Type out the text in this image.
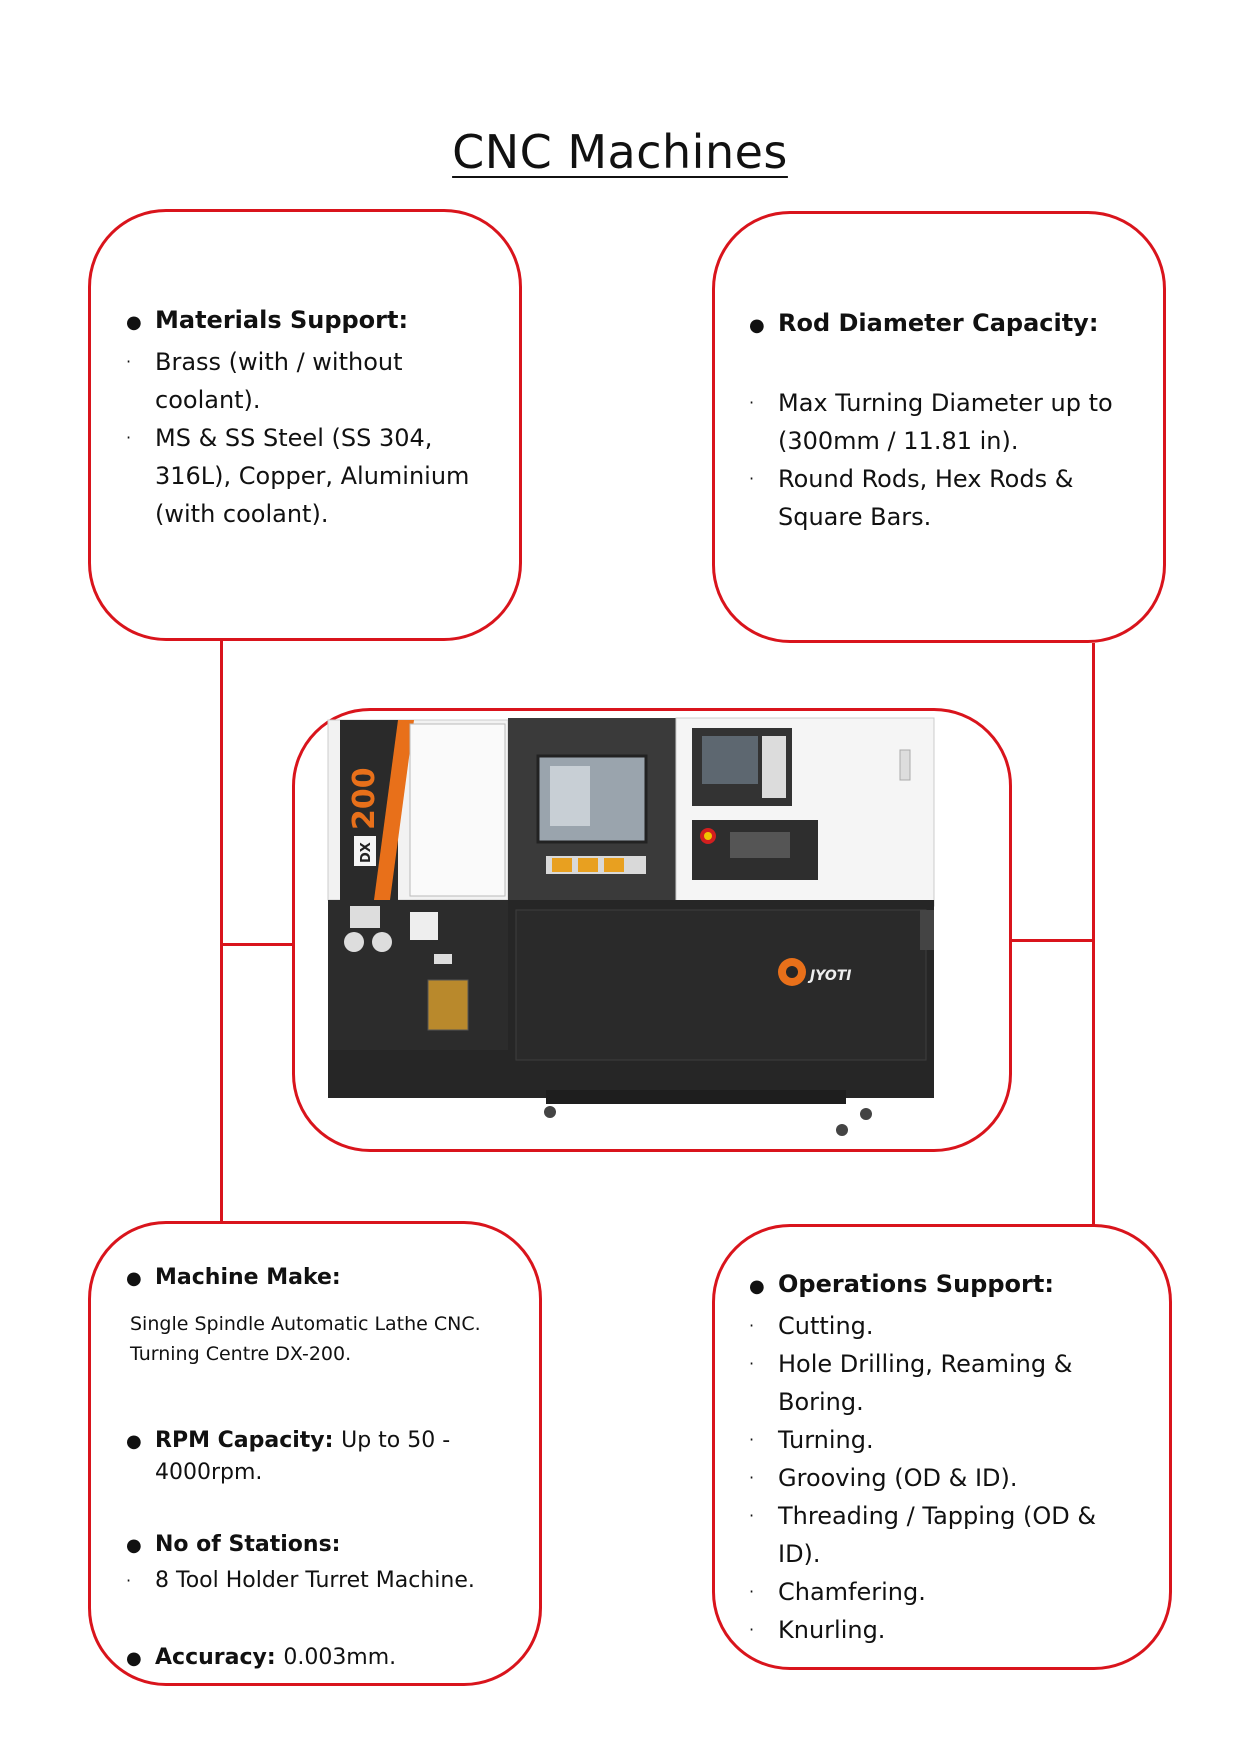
CNC Machines
● Materials Support:
· Brass (with / without coolant).
· MS & SS Steel (SS 304, 316L), Copper, Aluminium (with coolant).
● Rod Diameter Capacity:
· Max Turning Diameter up to (300mm / 11.81 in).
· Round Rods, Hex Rods & Square Bars.
JYOTI
DX
200
● Machine Make:
Single Spindle Automatic Lathe CNC.
Turning Centre DX-200.
● RPM Capacity: Up to 50 - 4000rpm.
● No of Stations:
·	8 Tool Holder Turret Machine.
● Accuracy: 0.003mm.
● Operations Support:
· Cutting.
· Hole Drilling, Reaming & Boring.
· Turning.
· Grooving (OD & ID).
· Threading / Tapping (OD & ID).
· Chamfering.
· Knurling.
